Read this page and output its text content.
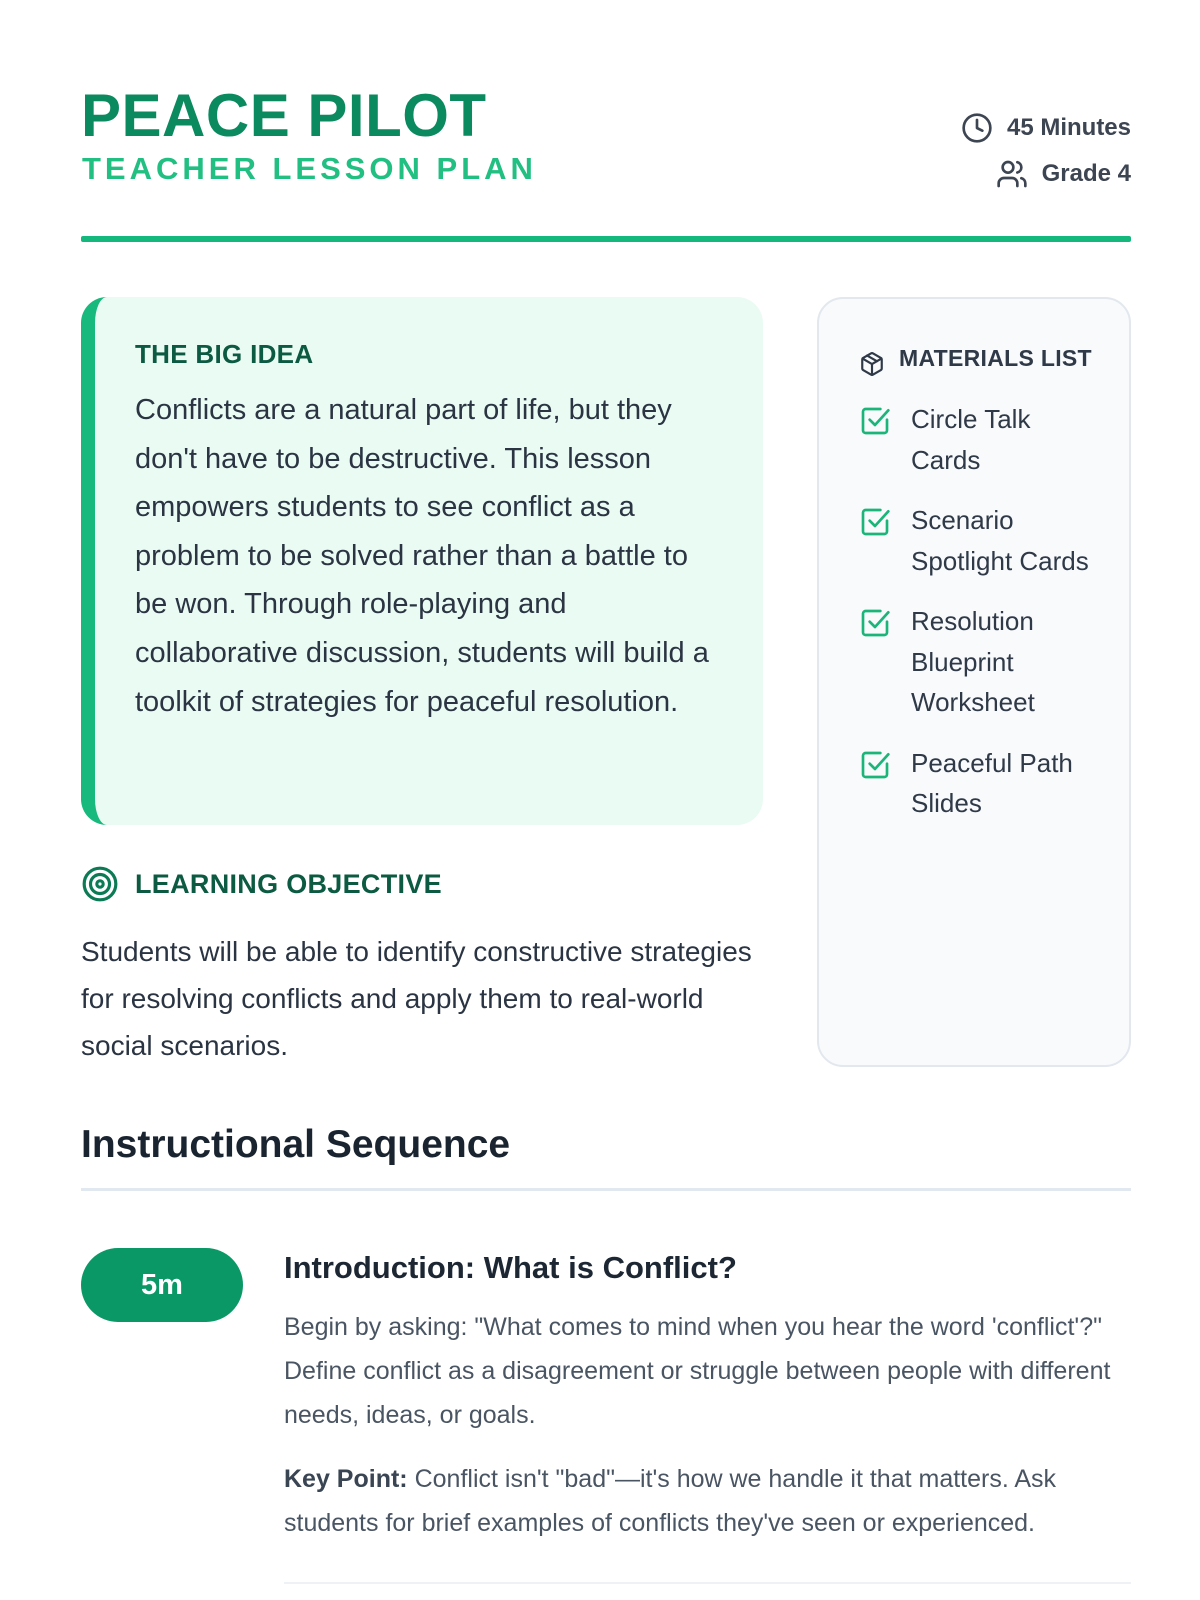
PEACE PILOT
TEACHER LESSON PLAN
45 Minutes
Grade 4
THE BIG IDEA

Conflicts are a natural part of life, but they don't have to be destructive. This lesson empowers students to see conflict as a problem to be solved rather than a battle to be won. Through role-playing and collaborative discussion, students will build a toolkit of strategies for peaceful resolution.

LEARNING OBJECTIVE

Students will be able to identify constructive strategies for resolving conflicts and apply them to real-world social scenarios.

MATERIALS LIST
Circle Talk Cards
Scenario Spotlight Cards
Resolution Blueprint Worksheet
Peaceful Path Slides
Instructional Sequence
5m	Introduction: What is Conflict?

Begin by asking: "What comes to mind when you hear the word 'conflict'?" Define conflict as a disagreement or struggle between people with different needs, ideas, or goals.

Key Point: Conflict isn't "bad"—it's how we handle it that matters. Ask students for brief examples of conflicts they've seen or experienced.
